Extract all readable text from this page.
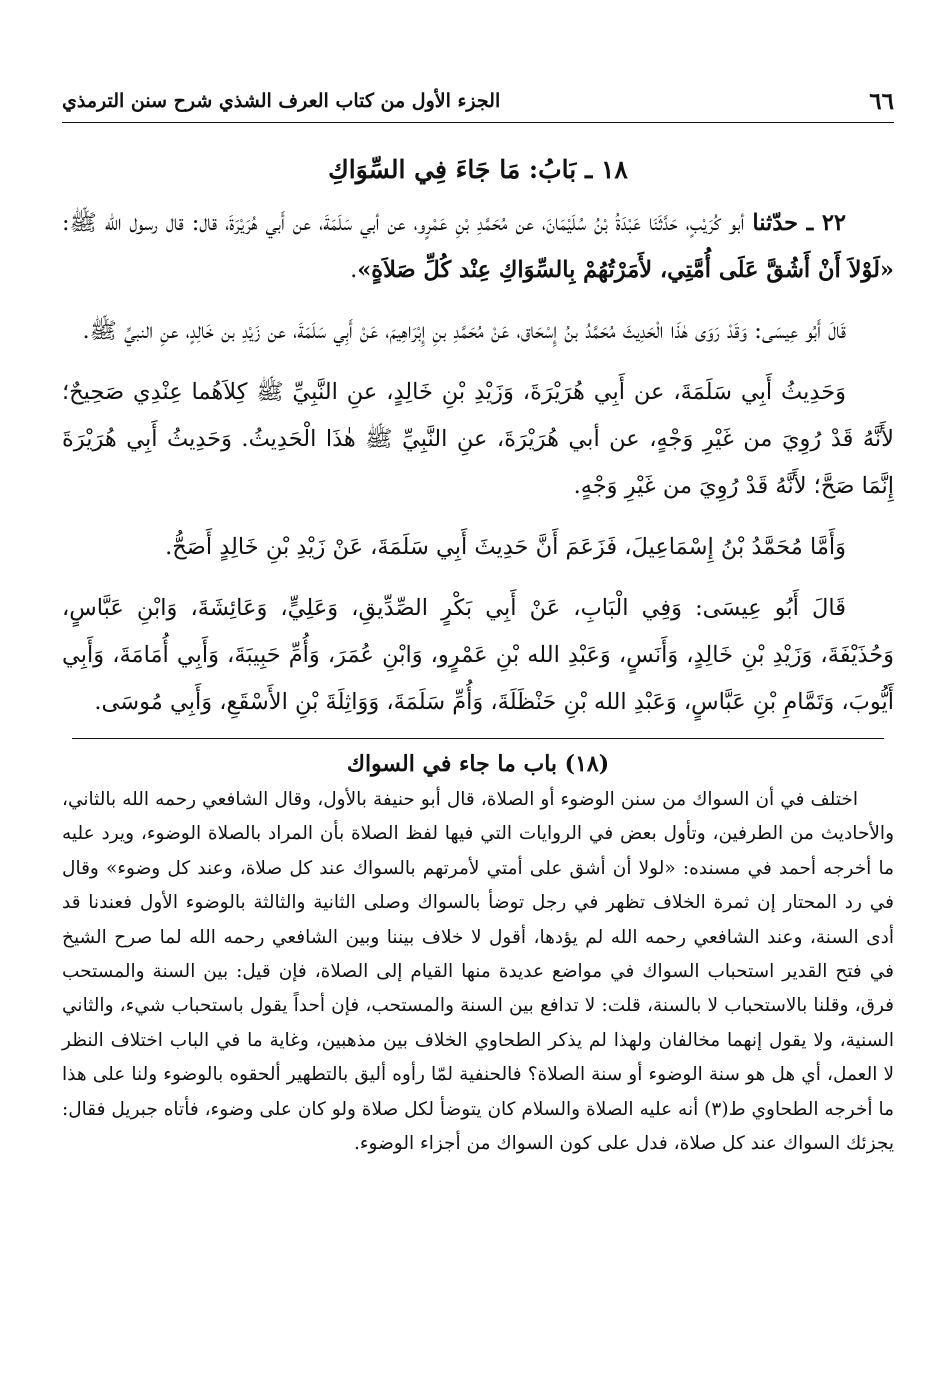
٦٦
الجزء الأول من كتاب العرف الشذي شرح سنن الترمذي
١٨ ـ بَابُ: مَا جَاءَ فِي السِّوَاكِ

٢٢ ـ حدّثنا أبو كُرَيْبٍ، حَدَّثَنَا عَبْدَةُ بْنُ سُلَيْمَانَ، عن مُحَمَّدِ بْنِ عَمْرٍو، عن أبي سَلَمَةَ، عن أَبي هُرَيْرَةَ، قال: قال رسول الله ﷺ: «لَوْلاَ أَنْ أَشُقَّ عَلَى أُمَّتِي، لأَمَرْتُهُمْ بِالسِّوَاكِ عِنْد كُلِّ صَلاَةٍ».

قَالَ أَبُو عِيسَى: وَقَدْ رَوَى هٰذَا الْحَدِيثَ مُحَمَّدُ بنُ إِسْحَاق، عَنْ مُحَمَّدِ بنِ إِبْرَاهِيمَ، عَنْ أَبِي سَلَمَةَ، عن زَيْدِ بن خَالِدٍ، عنِ النبيِّ ﷺ.

وَحَدِيثُ أَبِي سَلَمَةَ، عن أَبِي هُرَيْرَةَ، وَزَيْدِ بْنِ خَالِدٍ، عنِ النَّبِيِّ ﷺ كِلاَهُما عِنْدِي صَحِيحٌ؛ لأَنَّهُ قَدْ رُوِيَ من غَيْرِ وَجْهٍ، عن أبي هُرَيْرَةَ، عنِ النَّبِيِّ ﷺ هٰذَا الْحَدِيثُ. وَحَدِيثُ أَبِي هُرَيْرَةَ إِنَّمَا صَحَّ؛ لأَنَّهُ قَدْ رُوِيَ من غَيْرِ وَجْهٍ.

وَأَمَّا مُحَمَّدُ بْنُ إِسْمَاعِيلَ، فَزَعَمَ أَنَّ حَدِيثَ أَبِي سَلَمَةَ، عَنْ زَيْدِ بْنِ خَالِدٍ أَصَحُّ.

قَالَ أَبُو عِيسَى: وَفِي الْبَابِ، عَنْ أَبِي بَكْرٍ الصِّدِّيقِ، وَعَلِيٍّ، وَعَائِشَةَ، وَابْنِ عَبَّاسٍ، وَحُذَيْفَةَ، وَزَيْدِ بْنِ خَالِدٍ، وَأَنَسٍ، وَعَبْدِ الله بْنِ عَمْرٍو، وَابْنِ عُمَرَ، وَأُمِّ حَبِيبَةَ، وَأَبِي أُمَامَةَ، وَأَبِي أَيُّوبَ، وَتَمَّامِ بْنِ عَبَّاسٍ، وَعَبْدِ الله بْنِ حَنْظَلَةَ، وَأُمِّ سَلَمَةَ، وَوَاثِلَةَ بْنِ الأَسْقَعِ، وَأَبِي مُوسَى.

(١٨) باب ما جاء في السواك

اختلف في أن السواك من سنن الوضوء أو الصلاة، قال أبو حنيفة بالأول، وقال الشافعي رحمه الله بالثاني، والأحاديث من الطرفين، وتأول بعض في الروايات التي فيها لفظ الصلاة بأن المراد بالصلاة الوضوء، ويرد عليه ما أخرجه أحمد في مسنده: «لولا أن أشق على أمتي لأمرتهم بالسواك عند كل صلاة، وعند كل وضوء» وقال في رد المحتار إن ثمرة الخلاف تظهر في رجل توضأ بالسواك وصلى الثانية والثالثة بالوضوء الأول فعندنا قد أدى السنة، وعند الشافعي رحمه الله لم يؤدها، أقول لا خلاف بيننا وبين الشافعي رحمه الله لما صرح الشيخ في فتح القدير استحباب السواك في مواضع عديدة منها القيام إلى الصلاة، فإن قيل: بين السنة والمستحب فرق، وقلنا بالاستحباب لا بالسنة، قلت: لا تدافع بين السنة والمستحب، فإن أحداً يقول باستحباب شيء، والثاني السنية، ولا يقول إنهما مخالفان ولهذا لم يذكر الطحاوي الخلاف بين مذهبين، وغاية ما في الباب اختلاف النظر لا العمل، أي هل هو سنة الوضوء أو سنة الصلاة؟ فالحنفية لمّا رأوه أليق بالتطهير ألحقوه بالوضوء ولنا على هذا ما أخرجه الطحاوي ط(٣) أنه عليه الصلاة والسلام كان يتوضأ لكل صلاة ولو كان على وضوء، فأتاه جبريل فقال: يجزئك السواك عند كل صلاة، فدل على كون السواك من أجزاء الوضوء.
